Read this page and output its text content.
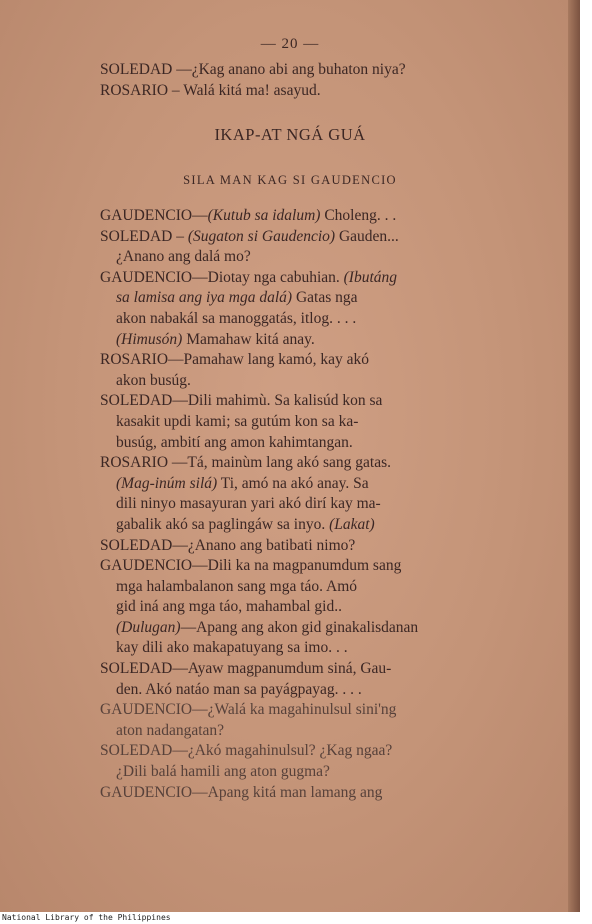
— 20 —
SOLEDAD —¿Kag anano abi ang buhaton niya?
ROSARIO – Walá kitá ma! asayud.
IKAP-AT NGÁ GUÁ
SILA MAN KAG SI GAUDENCIO
GAUDENCIO—(Kutub sa idalum) Choleng. . .
SOLEDAD – (Sugaton si Gaudencio) Gauden...
¿Anano ang dalá mo?
GAUDENCIO—Diotay nga cabuhian. (Ibutáng
sa lamisa ang iya mga dalá) Gatas nga
akon nabakál sa manoggatás, itlog. . . .
(Himusón) Mamahaw kitá anay.
ROSARIO—Pamahaw lang kamó, kay akó
akon busúg.
SOLEDAD—Dili mahimù. Sa kalisúd kon sa
kasakit updi kami; sa gutúm kon sa ka-
busúg, ambití ang amon kahimtangan.
ROSARIO —Tá, mainùm lang akó sang gatas.
(Mag-inúm silá) Ti, amó na akó anay. Sa
dili ninyo masayuran yari akó dirí kay ma-
gabalik akó sa paglingáw sa inyo. (Lakat)
SOLEDAD—¿Anano ang batibati nimo?
GAUDENCIO—Dili ka na magpanumdum sang
mga halambalanon sang mga táo. Amó
gid iná ang mga táo, mahambal gid..
(Dulugan)—Apang ang akon gid ginakalisdanan
kay dili ako makapatuyang sa imo. . .
SOLEDAD—Ayaw magpanumdum siná, Gau-
den. Akó natáo man sa payágpayag. . . .
GAUDENCIO—¿Walá ka magahinulsul sini'ng
aton nadangatan?
SOLEDAD—¿Akó magahinulsul? ¿Kag ngaa?
¿Dili balá hamili ang aton gugma?
GAUDENCIO—Apang kitá man lamang ang
National Library of the Philippines
